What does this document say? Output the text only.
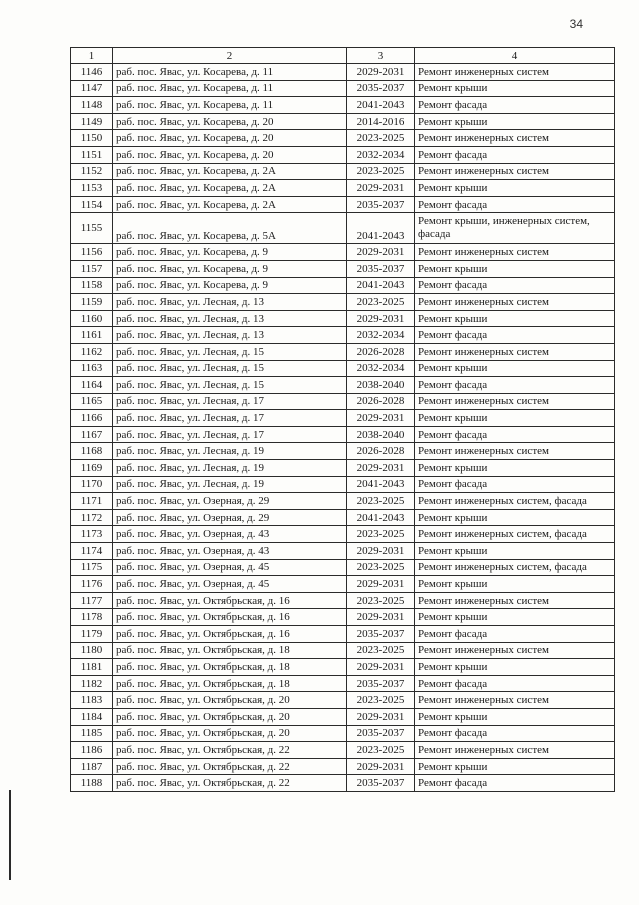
34
1	2	3	4
1146	раб. пос. Явас, ул. Косарева, д. 11	2029-2031	Ремонт инженерных систем
1147	раб. пос. Явас, ул. Косарева, д. 11	2035-2037	Ремонт крыши
1148	раб. пос. Явас, ул. Косарева, д. 11	2041-2043	Ремонт фасада
1149	раб. пос. Явас, ул. Косарева, д. 20	2014-2016	Ремонт крыши
1150	раб. пос. Явас, ул. Косарева, д. 20	2023-2025	Ремонт инженерных систем
1151	раб. пос. Явас, ул. Косарева, д. 20	2032-2034	Ремонт фасада
1152	раб. пос. Явас, ул. Косарева, д. 2А	2023-2025	Ремонт инженерных систем
1153	раб. пос. Явас, ул. Косарева, д. 2А	2029-2031	Ремонт крыши
1154	раб. пос. Явас, ул. Косарева, д. 2А	2035-2037	Ремонт фасада
1155	раб. пос. Явас, ул. Косарева, д. 5А	2041-2043	Ремонт крыши, инженерных систем, фасада
1156	раб. пос. Явас, ул. Косарева, д. 9	2029-2031	Ремонт инженерных систем
1157	раб. пос. Явас, ул. Косарева, д. 9	2035-2037	Ремонт крыши
1158	раб. пос. Явас, ул. Косарева, д. 9	2041-2043	Ремонт фасада
1159	раб. пос. Явас, ул. Лесная, д. 13	2023-2025	Ремонт инженерных систем
1160	раб. пос. Явас, ул. Лесная, д. 13	2029-2031	Ремонт крыши
1161	раб. пос. Явас, ул. Лесная, д. 13	2032-2034	Ремонт фасада
1162	раб. пос. Явас, ул. Лесная, д. 15	2026-2028	Ремонт инженерных систем
1163	раб. пос. Явас, ул. Лесная, д. 15	2032-2034	Ремонт крыши
1164	раб. пос. Явас, ул. Лесная, д. 15	2038-2040	Ремонт фасада
1165	раб. пос. Явас, ул. Лесная, д. 17	2026-2028	Ремонт инженерных систем
1166	раб. пос. Явас, ул. Лесная, д. 17	2029-2031	Ремонт крыши
1167	раб. пос. Явас, ул. Лесная, д. 17	2038-2040	Ремонт фасада
1168	раб. пос. Явас, ул. Лесная, д. 19	2026-2028	Ремонт инженерных систем
1169	раб. пос. Явас, ул. Лесная, д. 19	2029-2031	Ремонт крыши
1170	раб. пос. Явас, ул. Лесная, д. 19	2041-2043	Ремонт фасада
1171	раб. пос. Явас, ул. Озерная, д. 29	2023-2025	Ремонт инженерных систем, фасада
1172	раб. пос. Явас, ул. Озерная, д. 29	2041-2043	Ремонт крыши
1173	раб. пос. Явас, ул. Озерная, д. 43	2023-2025	Ремонт инженерных систем, фасада
1174	раб. пос. Явас, ул. Озерная, д. 43	2029-2031	Ремонт крыши
1175	раб. пос. Явас, ул. Озерная, д. 45	2023-2025	Ремонт инженерных систем, фасада
1176	раб. пос. Явас, ул. Озерная, д. 45	2029-2031	Ремонт крыши
1177	раб. пос. Явас, ул. Октябрьская, д. 16	2023-2025	Ремонт инженерных систем
1178	раб. пос. Явас, ул. Октябрьская, д. 16	2029-2031	Ремонт крыши
1179	раб. пос. Явас, ул. Октябрьская, д. 16	2035-2037	Ремонт фасада
1180	раб. пос. Явас, ул. Октябрьская, д. 18	2023-2025	Ремонт инженерных систем
1181	раб. пос. Явас, ул. Октябрьская, д. 18	2029-2031	Ремонт крыши
1182	раб. пос. Явас, ул. Октябрьская, д. 18	2035-2037	Ремонт фасада
1183	раб. пос. Явас, ул. Октябрьская, д. 20	2023-2025	Ремонт инженерных систем
1184	раб. пос. Явас, ул. Октябрьская, д. 20	2029-2031	Ремонт крыши
1185	раб. пос. Явас, ул. Октябрьская, д. 20	2035-2037	Ремонт фасада
1186	раб. пос. Явас, ул. Октябрьская, д. 22	2023-2025	Ремонт инженерных систем
1187	раб. пос. Явас, ул. Октябрьская, д. 22	2029-2031	Ремонт крыши
1188	раб. пос. Явас, ул. Октябрьская, д. 22	2035-2037	Ремонт фасада
